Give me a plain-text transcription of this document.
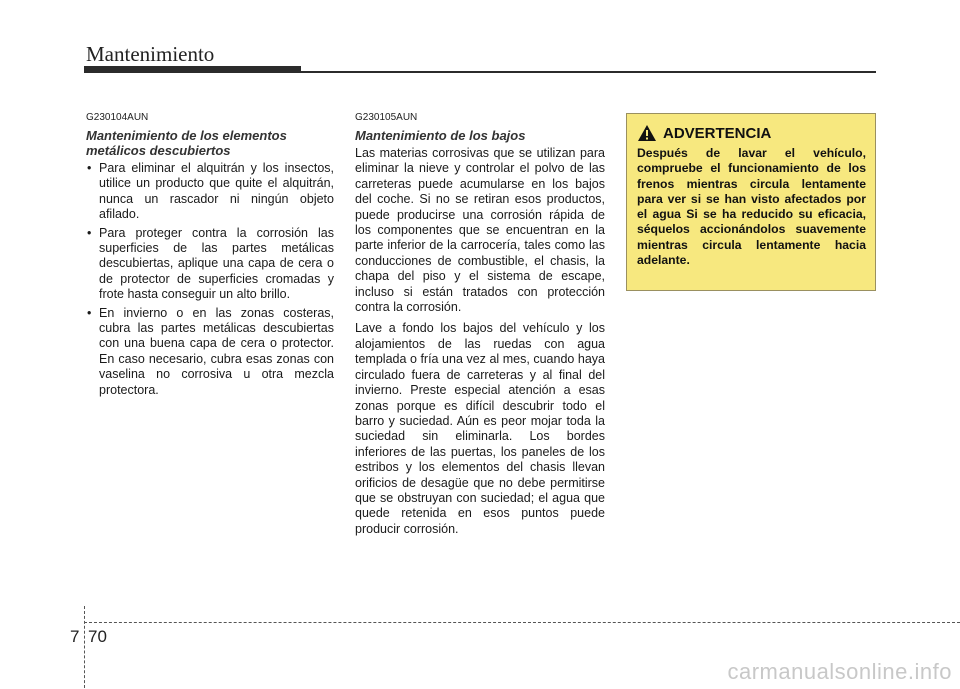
Mantenimiento
G230104AUN
Mantenimiento de los elementos metálicos descubiertos
• Para eliminar el alquitrán y los insectos, utilice un producto que quite el alquitrán, nunca un rascador ni ningún objeto afilado.
• Para proteger contra la corrosión las superficies de las partes metálicas descubiertas, aplique una capa de cera o de protector de superficies cromadas y frote hasta conseguir un alto brillo.
• En invierno o en las zonas costeras, cubra las partes metálicas descubiertas con una buena capa de cera o protector. En caso necesario, cubra esas zonas con vaselina no corrosiva u otra mezcla protectora.
G230105AUN
Mantenimiento de los bajos

Las materias corrosivas que se utilizan para eliminar la nieve y controlar el polvo de las carreteras puede acumularse en los bajos del coche. Si no se retiran esos productos, puede producirse una corrosión rápida de los componentes que se encuentran en la parte inferior de la carrocería, tales como las conducciones de combustible, el chasis, la chapa del piso y el sistema de escape, incluso si están tratados con protección contra la corrosión.

Lave a fondo los bajos del vehículo y los alojamientos de las ruedas con agua templada o fría una vez al mes, cuando haya circulado fuera de carreteras y al final del invierno. Preste especial atención a esas zonas porque es difícil descubrir todo el barro y suciedad. Aún es peor mojar toda la suciedad sin eliminarla. Los bordes inferiores de las puertas, los paneles de los estribos y los elementos del chasis llevan orificios de desagüe que no debe permitirse que se obstruyan con suciedad; el agua que quede retenida en esos puntos puede producir corrosión.

ADVERTENCIA
Después de lavar el vehículo, compruebe el funcionamiento de los frenos mientras circula lentamente para ver si se han visto afectados por el agua Si se ha reducido su eficacia, séquelos accionándolos suavemente mientras circula lentamente hacia adelante.
7 70
carmanualsonline.info
